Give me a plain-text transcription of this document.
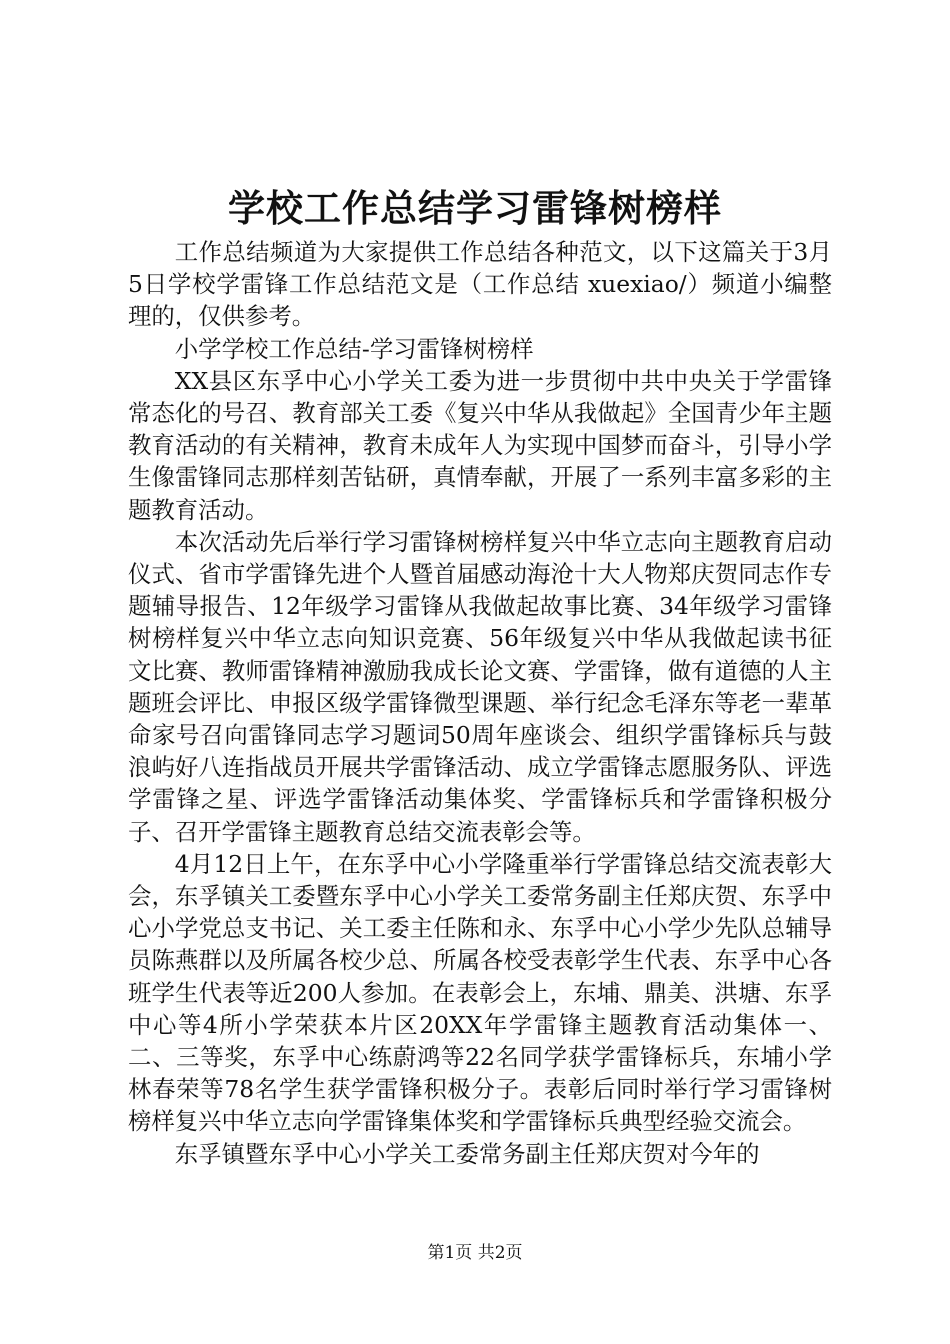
学校工作总结学习雷锋树榜样

工作总结频道为大家提供工作总结各种范文，以下这篇关于3月5日学校学雷锋工作总结范文是（工作总结 xuexiao/）频道小编整理的，仅供参考。

小学学校工作总结-学习雷锋树榜样

XX县区东孚中心小学关工委为进一步贯彻中共中央关于学雷锋常态化的号召、教育部关工委《复兴中华从我做起》全国青少年主题教育活动的有关精神，教育未成年人为实现中国梦而奋斗，引导小学生像雷锋同志那样刻苦钻研，真情奉献，开展了一系列丰富多彩的主题教育活动。

本次活动先后举行学习雷锋树榜样复兴中华立志向主题教育启动仪式、省市学雷锋先进个人暨首届感动海沧十大人物郑庆贺同志作专题辅导报告、12年级学习雷锋从我做起故事比赛、34年级学习雷锋树榜样复兴中华立志向知识竞赛、56年级复兴中华从我做起读书征文比赛、教师雷锋精神激励我成长论文赛、学雷锋，做有道德的人主题班会评比、申报区级学雷锋微型课题、举行纪念毛泽东等老一辈革命家号召向雷锋同志学习题词50周年座谈会、组织学雷锋标兵与鼓浪屿好八连指战员开展共学雷锋活动、成立学雷锋志愿服务队、评选学雷锋之星、评选学雷锋活动集体奖、学雷锋标兵和学雷锋积极分子、召开学雷锋主题教育总结交流表彰会等。

4月12日上午，在东孚中心小学隆重举行学雷锋总结交流表彰大会，东孚镇关工委暨东孚中心小学关工委常务副主任郑庆贺、东孚中心小学党总支书记、关工委主任陈和永、东孚中心小学少先队总辅导员陈燕群以及所属各校少总、所属各校受表彰学生代表、东孚中心各班学生代表等近200人参加。在表彰会上，东埔、鼎美、洪塘、东孚中心等4所小学荣获本片区20XX年学雷锋主题教育活动集体一、二、三等奖，东孚中心练蔚鸿等22名同学获学雷锋标兵，东埔小学林春荣等78名学生获学雷锋积极分子。表彰后同时举行学习雷锋树榜样复兴中华立志向学雷锋集体奖和学雷锋标兵典型经验交流会。

东孚镇暨东孚中心小学关工委常务副主任郑庆贺对今年的

第1页 共2页
